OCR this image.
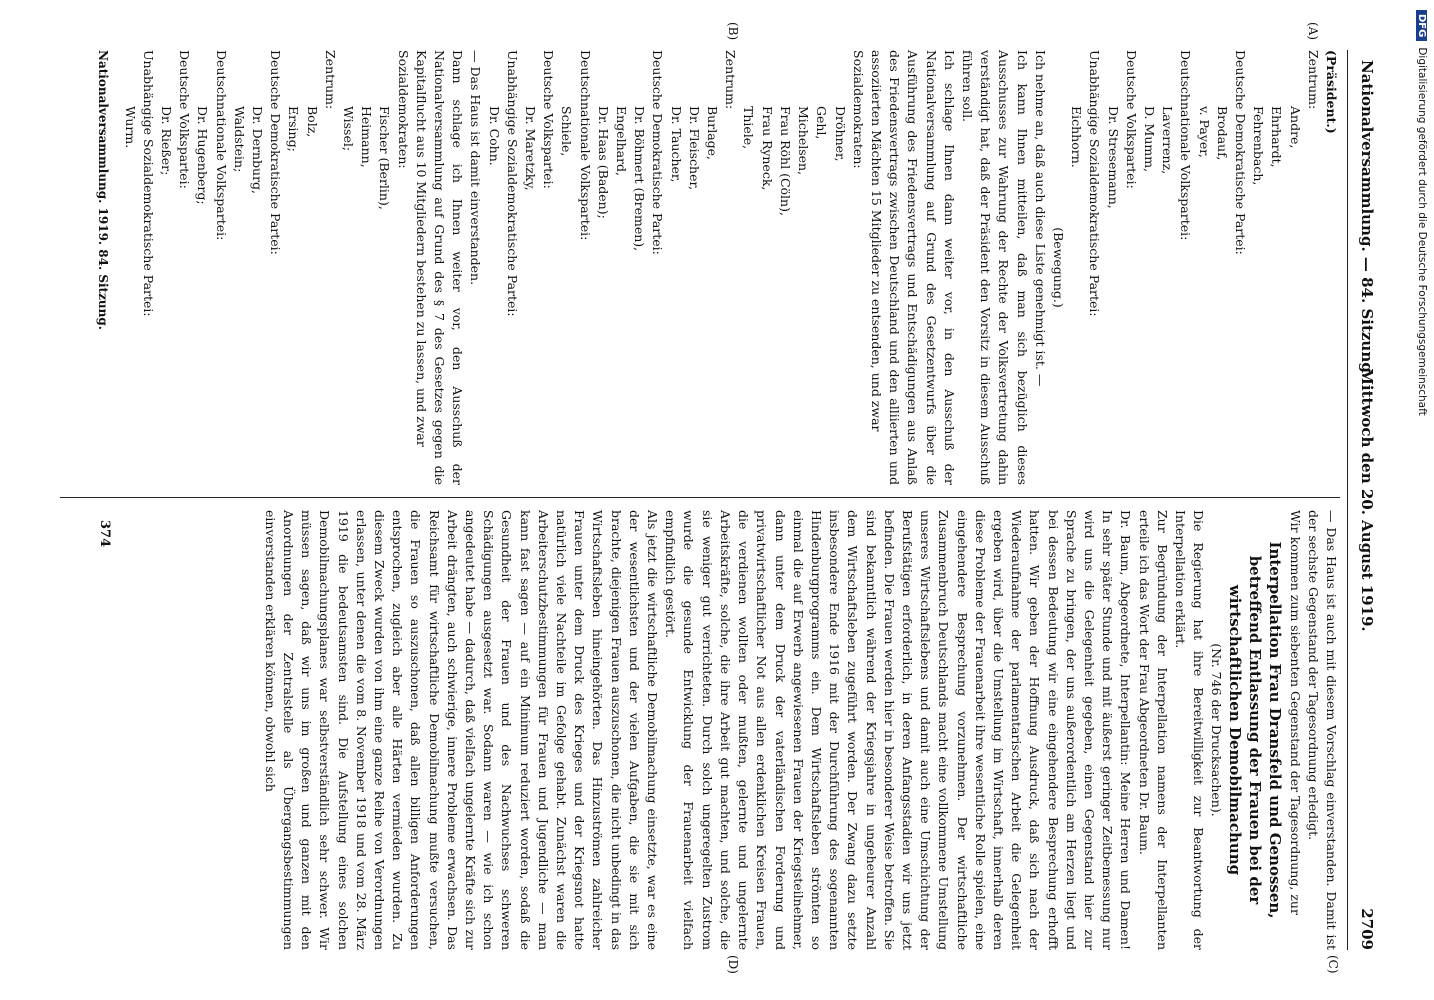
Nationalversammlung. — 84. Sitzung.
Mittwoch den 20. August 1919.
2709
(A)
(B)
(C)
(D)

(Präsident.)

Zentrum:

Andre,

Ehrhardt,

Fehrenbach,

Deutsche Demokratische Partei:

Brodauf,

v. Payer,

Deutschnationale Volkspartei:

Laverrenz,

D. Mumm,

Deutsche Volkspartei:

Dr. Stresemann,

Unabhängige Sozialdemokratische Partei:

Eichhorn.

(Bewegung.)

Ich nehme an, daß auch diese Liste genehmigt ist. —

Ich kann Ihnen mitteilen, daß man sich bezüglich dieses Ausschusses zur Wahrung der Rechte der Volksvertretung dahin verständigt hat, daß der Präsident den Vorsitz in diesem Ausschuß führen soll.

Ich schlage Ihnen dann weiter vor, in den Ausschuß der Nationalversammlung auf Grund des Gesetzentwurfs über die Ausführung des Friedensvertrags und Entschädigungen aus Anlaß des Friedensvertrags zwischen Deutschland und den alliierten und assoziierten Mächten 15 Mitglieder zu entsenden, und zwar

Sozialdemokraten:

Dröhner,

Gehl,

Michelsen,

Frau Röhl (Cöln),

Frau Ryneck,

Thiele,

Zentrum:

Burlage,

Dr. Fleischer,

Dr. Taucher,

Deutsche Demokratische Partei:

Dr. Böhmert (Bremen),

Engelhard,

Dr. Haas (Baden);

Deutschnationale Volkspartei:

Schiele,

Deutsche Volkspartei:

Dr. Maretzky,

Unabhängige Sozialdemokratische Partei:

Dr. Cohn.

— Das Haus ist damit einverstanden.

Dann schlage ich Ihnen weiter vor, den Ausschuß der Nationalversammlung auf Grund des § 7 des Gesetzes gegen die Kapitalflucht aus 10 Mitgliedern bestehen zu lassen, und zwar

Sozialdemokraten:

Fischer (Berlin),

Heimann,

Wissel;

Zentrum:

Bolz,

Ersing;

Deutsche Demokratische Partei:

Dr. Dernburg,

Waldstein;

Deutschnationale Volkspartei:

Dr. Hugenberg;

Deutsche Volkspartei:

Dr. Rießer;

Unabhängige Sozialdemokratische Partei:

Wurm.

— Das Haus ist auch mit diesem Vorschlag einverstanden. Damit ist der sechste Gegenstand der Tagesordnung erledigt.

Wir kommen zum siebenten Gegenstand der Tagesordnung, zur

Interpellation Frau Dransfeld und Genossen, betreffend Entlassung der Frauen bei der wirtschaftlichen Demobilmachung

(Nr. 746 der Drucksachen).

Die Regierung hat ihre Bereitwilligkeit zur Beantwortung der Interpellation erklärt.

Zur Begründung der Interpellation namens der Interpellanten erteile ich das Wort der Frau Abgeordneten Dr. Baum.

Dr. Baum, Abgeordnete, Interpellantin: Meine Herren und Damen! In sehr später Stunde und mit äußerst geringer Zeitbemessung nur wird uns die Gelegenheit gegeben, einen Gegenstand hier zur Sprache zu bringen, der uns außerordentlich am Herzen liegt und bei dessen Bedeutung wir eine eingehendere Besprechung erhofft hatten. Wir geben der Hoffnung Ausdruck, daß sich nach der Wiederaufnahme der parlamentarischen Arbeit die Gelegenheit ergeben wird, über die Umstellung im Wirtschaft, innerhalb deren diese Probleme der Frauenarbeit ihre wesentliche Rolle spielen, eine eingehendere Besprechung vorzunehmen. Der wirtschaftliche Zusammenbruch Deutschlands macht eine vollkommene Umstellung unseres Wirtschaftslebens und damit auch eine Umschichtung der Berufstätigen erforderlich, in deren Anfangsstadien wir uns jetzt befinden. Die Frauen werden hier in besonderer Weise betroffen. Sie sind bekanntlich während der Kriegsjahre in ungeheurer Anzahl dem Wirtschaftsleben zugeführt worden. Der Zwang dazu setzte insbesondere Ende 1916 mit der Durchführung des sogenannten Hindenburgprogramms ein. Dem Wirtschaftsleben strömten so einmal die auf Erwerb angewiesenen Frauen der Kriegsteilnehmer, dann unter dem Druck der vaterländischen Forderung und privatwirtschaftlicher Not aus allen erdenklichen Kreisen Frauen, die verdienen wollten oder mußten, gelernte und ungelernte Arbeitskräfte, solche, die ihre Arbeit gut machten, und solche, die sie weniger gut verrichteten. Durch solch ungeregelten Zustrom wurde die gesunde Entwicklung der Frauenarbeit vielfach empfindlich gestört.

Als jetzt die wirtschaftliche Demobilmachung einsetzte, war es eine der wesentlichsten und der vielen Aufgaben, die sie mit sich brachte, diejenigen Frauen auszuschonen, die nicht unbedingt in das Wirtschaftsleben hineingehörten. Das Hinzuströmen zahlreicher Frauen unter dem Druck des Krieges und der Kriegsnot hatte natürlich viele Nachteile im Gefolge gehabt. Zunächst waren die Arbeiterschutzbestimmungen für Frauen und Jugendliche — man kann fast sagen — auf ein Minimum reduziert worden, sodaß die Gesundheit der Frauen und des Nachwuchses schweren Schädigungen ausgesetzt war. Sodann waren — wie ich schon angedeutet habe — dadurch, daß vielfach ungelernte Kräfte sich zur Arbeit drängten, auch schwierige, innere Probleme erwachsen. Das Reichsamt für wirtschaftliche Demobilmachung mußte versuchen, die Frauen so auszuschonen, daß allen billigen Anforderungen entsprochen, zugleich aber alle Härten vermieden wurden. Zu diesem Zweck wurden von ihm eine ganze Reihe von Verordnungen erlassen, unter denen die vom 8. November 1918 und vom 28. März 1919 die bedeutsamsten sind. Die Aufstellung eines solchen Demobilmachungsplanes war selbstverständlich sehr schwer. Wir müssen sagen, daß wir uns im großen und ganzen mit den Anordnungen der Zentralstelle als Übergangsbestimmungen einverstanden erklären können, obwohl sich

Nationalversammlung. 1919. 84. Sitzung.
374
DFGDigitalisierung gefördert durch die Deutsche Forschungsgemeinschaft
